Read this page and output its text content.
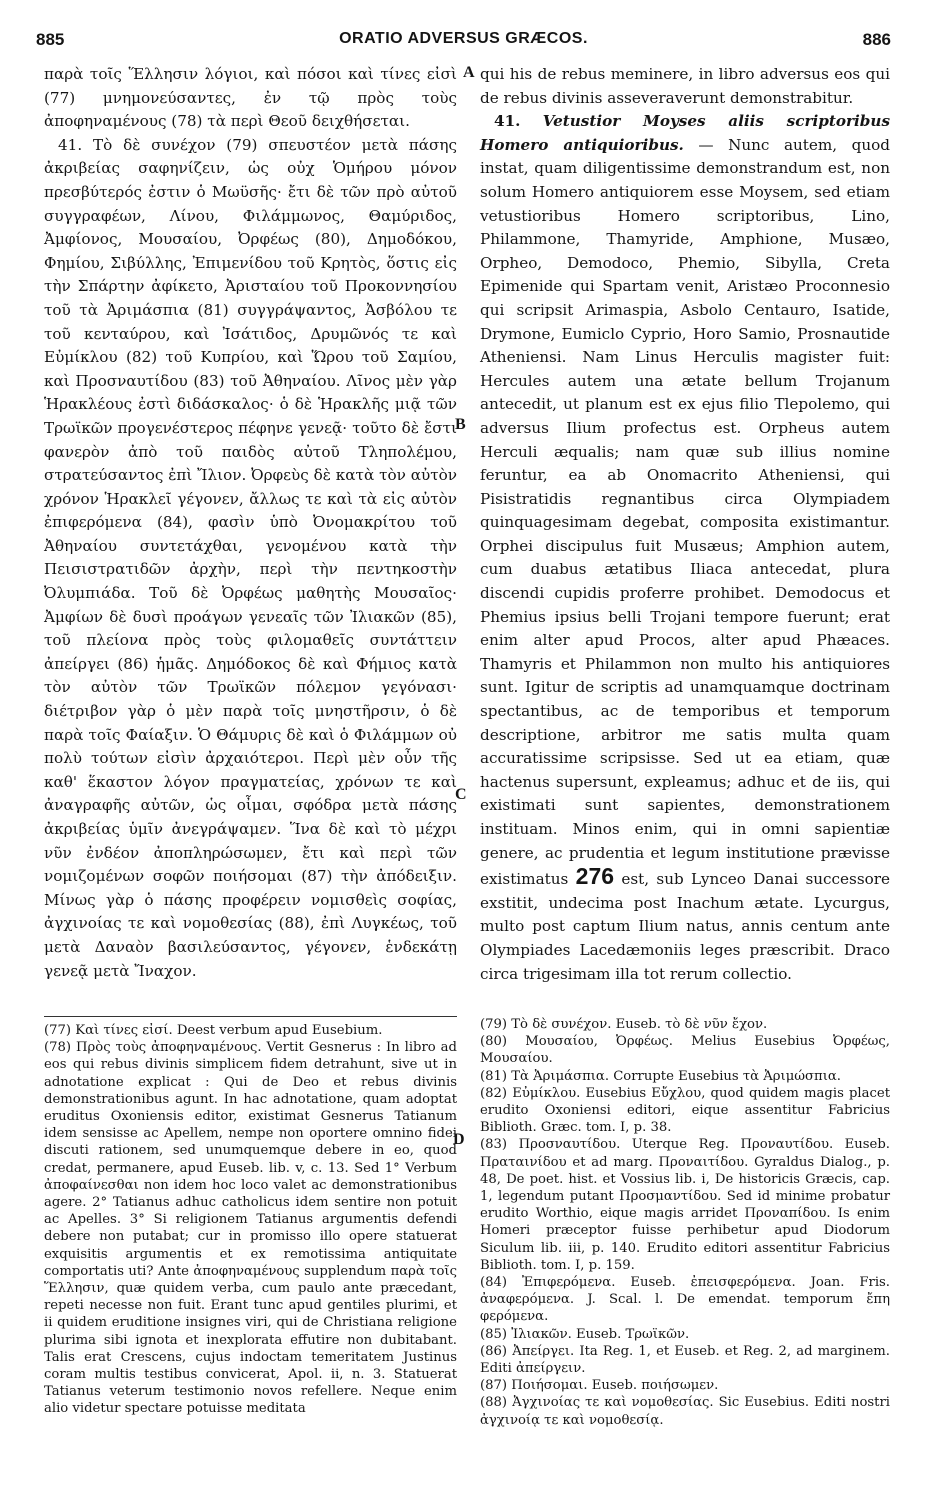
885	ORATIO ADVERSUS GRÆCOS.	886
A
B
C
D

παρὰ τοῖς Ἕλλησιν λόγιοι, καὶ πόσοι καὶ τίνες εἰσὶ (77) μνημονεύσαντες, ἐν τῷ πρὸς τοὺς ἀποφηναμένους (78) τὰ περὶ Θεοῦ δειχθήσεται.

41. Τὸ δὲ συνέχον (79) σπευστέον μετὰ πάσης ἀκριβείας σαφηνίζειν, ὡς οὐχ Ὁμήρου μόνον πρεσβύτερός ἐστιν ὁ Μωϋσῆς· ἔτι δὲ τῶν πρὸ αὐτοῦ συγγραφέων, Λίνου, Φιλάμμωνος, Θαμύριδος, Ἀμφίονος, Μουσαίου, Ὀρφέως (80), Δημοδόκου, Φημίου, Σιβύλλης, Ἐπιμενίδου τοῦ Κρητὸς, ὅστις εἰς τὴν Σπάρτην ἀφίκετο, Ἀρισταίου τοῦ Προκοννησίου τοῦ τὰ Ἀριμάσπια (81) συγγράψαντος, Ἀσβόλου τε τοῦ κενταύρου, καὶ Ἰσάτιδος, Δρυμῶνός τε καὶ Εὐμίκλου (82) τοῦ Κυπρίου, καὶ Ὥρου τοῦ Σαμίου, καὶ Προσναυτίδου (83) τοῦ Ἀθηναίου. Λῖνος μὲν γὰρ Ἡρακλέους ἐστὶ διδάσκαλος· ὁ δὲ Ἡρακλῆς μιᾷ τῶν Τρωϊκῶν προγενέστερος πέφηνε γενεᾷ· τοῦτο δὲ ἔστι φανερὸν ἀπὸ τοῦ παιδὸς αὐτοῦ Τληπολέμου, στρατεύσαντος ἐπὶ Ἴλιον. Ὀρφεὺς δὲ κατὰ τὸν αὐτὸν χρόνον Ἡρακλεῖ γέγονεν, ἄλλως τε καὶ τὰ εἰς αὐτὸν ἐπιφερόμενα (84), φασὶν ὑπὸ Ὀνομακρίτου τοῦ Ἀθηναίου συντετάχθαι, γενομένου κατὰ τὴν Πεισιστρατιδῶν ἀρχὴν, περὶ τὴν πεντηκοστὴν Ὀλυμπιάδα. Τοῦ δὲ Ὀρφέως μαθητὴς Μουσαῖος· Ἀμφίων δὲ δυσὶ προάγων γενεαῖς τῶν Ἰλιακῶν (85), τοῦ πλείονα πρὸς τοὺς φιλομαθεῖς συντάττειν ἀπείργει (86) ἡμᾶς. Δημόδοκος δὲ καὶ Φήμιος κατὰ τὸν αὐτὸν τῶν Τρωϊκῶν πόλεμον γεγόνασι· διέτριβον γὰρ ὁ μὲν παρὰ τοῖς μνηστῆρσιν, ὁ δὲ παρὰ τοῖς Φαίαξιν. Ὁ Θάμυρις δὲ καὶ ὁ Φιλάμμων οὐ πολὺ τούτων εἰσὶν ἀρχαιότεροι. Περὶ μὲν οὖν τῆς καθ' ἕκαστον λόγον πραγματείας, χρόνων τε καὶ ἀναγραφῆς αὐτῶν, ὡς οἶμαι, σφόδρα μετὰ πάσης ἀκριβείας ὑμῖν ἀνεγράψαμεν. Ἵνα δὲ καὶ τὸ μέχρι νῦν ἐνδέον ἀποπληρώσωμεν, ἔτι καὶ περὶ τῶν νομιζομένων σοφῶν ποιήσομαι (87) τὴν ἀπόδειξιν. Μίνως γὰρ ὁ πάσης προφέρειν νομισθεὶς σοφίας, ἀγχινοίας τε καὶ νομοθεσίας (88), ἐπὶ Λυγκέως, τοῦ μετὰ Δαναὸν βασιλεύσαντος, γέγονεν, ἑνδεκάτῃ γενεᾷ μετὰ Ἴναχον.

qui his de rebus meminere, in libro adversus eos qui de rebus divinis asseveraverunt demonstrabitur.

41. Vetustior Moyses aliis scriptoribus Homero antiquioribus. — Nunc autem, quod instat, quam diligentissime demonstrandum est, non solum Homero antiquiorem esse Moysem, sed etiam vetustioribus Homero scriptoribus, Lino, Philammone, Thamyride, Amphione, Musæo, Orpheo, Demodoco, Phemio, Sibylla, Creta Epimenide qui Spartam venit, Aristæo Proconnesio qui scripsit Arimaspia, Asbolo Centauro, Isatide, Drymone, Eumiclo Cyprio, Horo Samio, Prosnautide Atheniensi. Nam Linus Herculis magister fuit: Hercules autem una ætate bellum Trojanum antecedit, ut planum est ex ejus filio Tlepolemo, qui adversus Ilium profectus est. Orpheus autem Herculi æqualis; nam quæ sub illius nomine feruntur, ea ab Onomacrito Atheniensi, qui Pisistratidis regnantibus circa Olympiadem quinquagesimam degebat, composita existimantur. Orphei discipulus fuit Musæus; Amphion autem, cum duabus ætatibus Iliaca antecedat, plura discendi cupidis proferre prohibet. Demodocus et Phemius ipsius belli Trojani tempore fuerunt; erat enim alter apud Procos, alter apud Phæaces. Thamyris et Philammon non multo his antiquiores sunt. Igitur de scriptis ad unamquamque doctrinam spectantibus, ac de temporibus et temporum descriptione, arbitror me satis multa quam accuratissime scripsisse. Sed ut ea etiam, quæ hactenus supersunt, expleamus; adhuc et de iis, qui existimati sunt sapientes, demonstrationem instituam. Minos enim, qui in omni sapientiæ genere, ac prudentia et legum institutione prævisse existimatus 276 est, sub Lynceo Danai successore exstitit, undecima post Inachum ætate. Lycurgus, multo post captum Ilium natus, annis centum ante Olympiades Lacedæmoniis leges præscribit. Draco circa trigesimam illa tot rerum collectio.

(77) Καὶ τίνες εἰσί. Deest verbum apud Eusebium.

(78) Πρὸς τοὺς ἀποφηναμένους. Vertit Gesnerus : In libro ad eos qui rebus divinis simplicem fidem detrahunt, sive ut in adnotatione explicat : Qui de Deo et rebus divinis demonstrationibus agunt. In hac adnotatione, quam adoptat eruditus Oxoniensis editor, existimat Gesnerus Tatianum idem sensisse ac Apellem, nempe non oportere omnino fidei discuti rationem, sed unumquemque debere in eo, quod credat, permanere, apud Euseb. lib. v, c. 13. Sed 1° Verbum ἀποφαίνεσθαι non idem hoc loco valet ac demonstrationibus agere. 2° Tatianus adhuc catholicus idem sentire non potuit ac Apelles. 3° Si religionem Tatianus argumentis defendi debere non putabat; cur in promisso illo opere statuerat exquisitis argumentis et ex remotissima antiquitate comportatis uti? Ante ἀποφηναμένους supplendum παρὰ τοῖς Ἕλλησιν, quæ quidem verba, cum paulo ante præcedant, repeti necesse non fuit. Erant tunc apud gentiles plurimi, et ii quidem eruditione insignes viri, qui de Christiana religione plurima sibi ignota et inexplorata effutire non dubitabant. Talis erat Crescens, cujus indoctam temeritatem Justinus coram multis testibus convicerat, Apol. ii, n. 3. Statuerat Tatianus veterum testimonio novos refellere. Neque enim alio videtur spectare potuisse meditata

(79) Τὸ δὲ συνέχον. Euseb. τὸ δὲ νῦν ἔχον.

(80) Μουσαίου, Ὀρφέως. Melius Eusebius Ὀρφέως, Μουσαίου.

(81) Τὰ Ἀριμάσπια. Corrupte Eusebius τὰ Ἀριμώσπια.

(82) Εὐμίκλου. Eusebius Εὔχλου, quod quidem magis placet erudito Oxoniensi editori, eique assentitur Fabricius Biblioth. Græc. tom. I, p. 38.

(83) Προσναυτίδου. Uterque Reg. Προναυτίδου. Euseb. Πραταινίδου et ad marg. Προναιτίδου. Gyraldus Dialog., p. 48, De poet. hist. et Vossius lib. i, De historicis Græcis, cap. 1, legendum putant Προσμαντίδου. Sed id minime probatur erudito Worthio, eique magis arridet Προναπίδου. Is enim Homeri præceptor fuisse perhibetur apud Diodorum Siculum lib. iii, p. 140. Erudito editori assentitur Fabricius Biblioth. tom. I, p. 159.

(84) Ἐπιφερόμενα. Euseb. ἐπεισφερόμενα. Joan. Fris. ἀναφερόμενα. J. Scal. l. De emendat. temporum ἔπη φερόμενα.

(85) Ἰλιακῶν. Euseb. Τρωϊκῶν.

(86) Ἀπείργει. Ita Reg. 1, et Euseb. et Reg. 2, ad marginem. Editi ἀπείργειν.

(87) Ποιήσομαι. Euseb. ποιήσωμεν.

(88) Ἀγχινοίας τε καὶ νομοθεσίας. Sic Eusebius. Editi nostri ἀγχινοίᾳ τε καὶ νομοθεσίᾳ.
